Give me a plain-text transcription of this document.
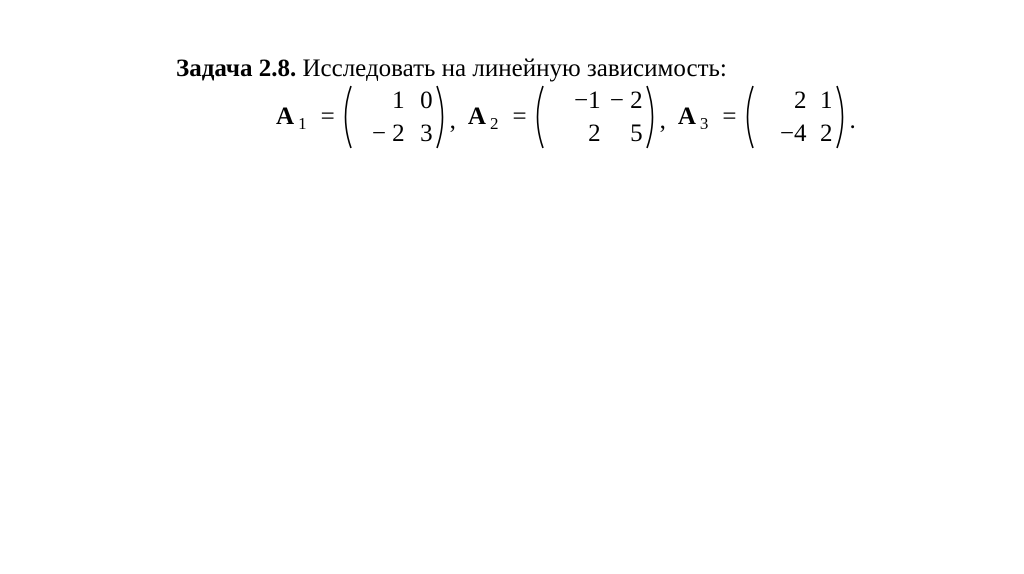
Задача 2.8. Исследовать на линейную зависимость:
A 1 =
1 0
− 2 3 , A 2 =
−1 − 2
2	5 , A 3 =
2 1
−4 2 .
